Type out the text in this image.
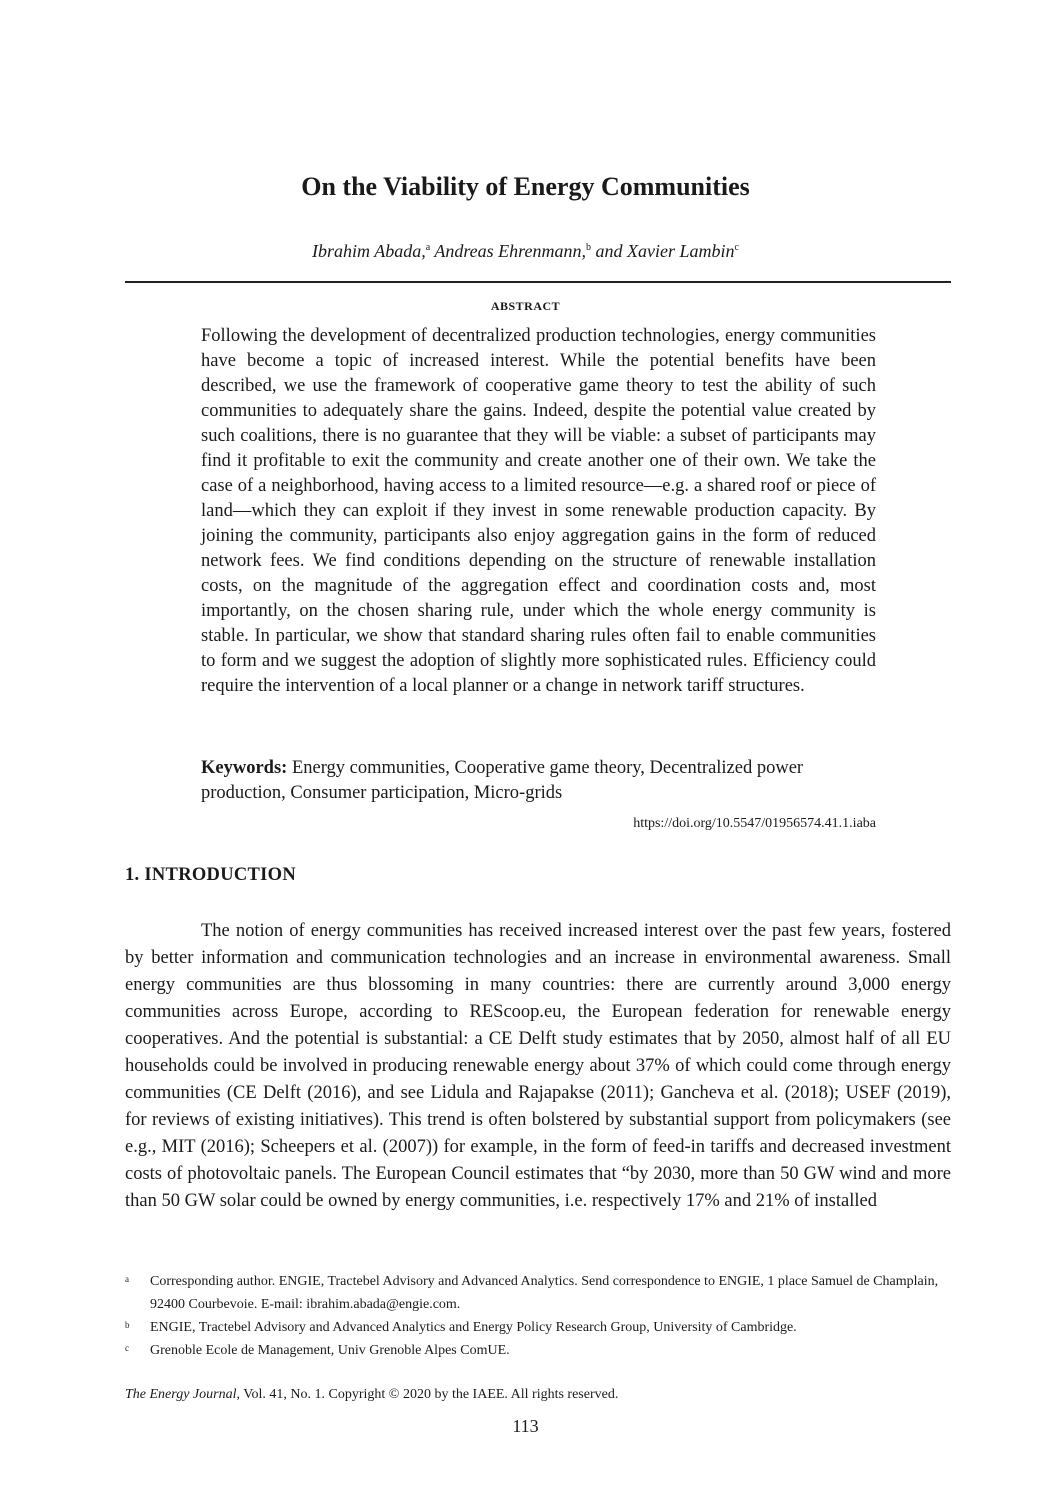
On the Viability of Energy Communities
Ibrahim Abada,$^a$ Andreas Ehrenmann,$^b$ and Xavier Lambin$^c$
ABSTRACT
Following the development of decentralized production technologies, energy communities have become a topic of increased interest. While the potential benefits have been described, we use the framework of cooperative game theory to test the ability of such communities to adequately share the gains. Indeed, despite the potential value created by such coalitions, there is no guarantee that they will be viable: a subset of participants may find it profitable to exit the community and create another one of their own. We take the case of a neighborhood, having access to a limited resource—e.g. a shared roof or piece of land—which they can exploit if they invest in some renewable production capacity. By joining the community, participants also enjoy aggregation gains in the form of reduced network fees. We find conditions depending on the structure of renewable installation costs, on the magnitude of the aggregation effect and coordination costs and, most importantly, on the chosen sharing rule, under which the whole energy community is stable. In particular, we show that standard sharing rules often fail to enable communities to form and we suggest the adoption of slightly more sophisticated rules. Efficiency could require the intervention of a local planner or a change in network tariff structures.
Keywords: Energy communities, Cooperative game theory, Decentralized power production, Consumer participation, Micro-grids
https://doi.org/10.5547/01956574.41.1.iaba
1. INTRODUCTION
The notion of energy communities has received increased interest over the past few years, fostered by better information and communication technologies and an increase in environmental awareness. Small energy communities are thus blossoming in many countries: there are currently around 3,000 energy communities across Europe, according to REScoop.eu, the European federation for renewable energy cooperatives. And the potential is substantial: a CE Delft study estimates that by 2050, almost half of all EU households could be involved in producing renewable energy about 37% of which could come through energy communities (CE Delft (2016), and see Lidula and Rajapakse (2011); Gancheva et al. (2018); USEF (2019), for reviews of existing initiatives). This trend is often bolstered by substantial support from policymakers (see e.g., MIT (2016); Scheepers et al. (2007)) for example, in the form of feed-in tariffs and decreased investment costs of photovoltaic panels. The European Council estimates that “by 2030, more than 50 GW wind and more than 50 GW solar could be owned by energy communities, i.e. respectively 17% and 21% of installed
a Corresponding author. ENGIE, Tractebel Advisory and Advanced Analytics. Send correspondence to ENGIE, 1 place Samuel de Champlain, 92400 Courbevoie. E-mail: ibrahim.abada@engie.com.
b ENGIE, Tractebel Advisory and Advanced Analytics and Energy Policy Research Group, University of Cambridge.
c Grenoble Ecole de Management, Univ Grenoble Alpes ComUE.
The Energy Journal, Vol. 41, No. 1. Copyright © 2020 by the IAEE. All rights reserved.
113
